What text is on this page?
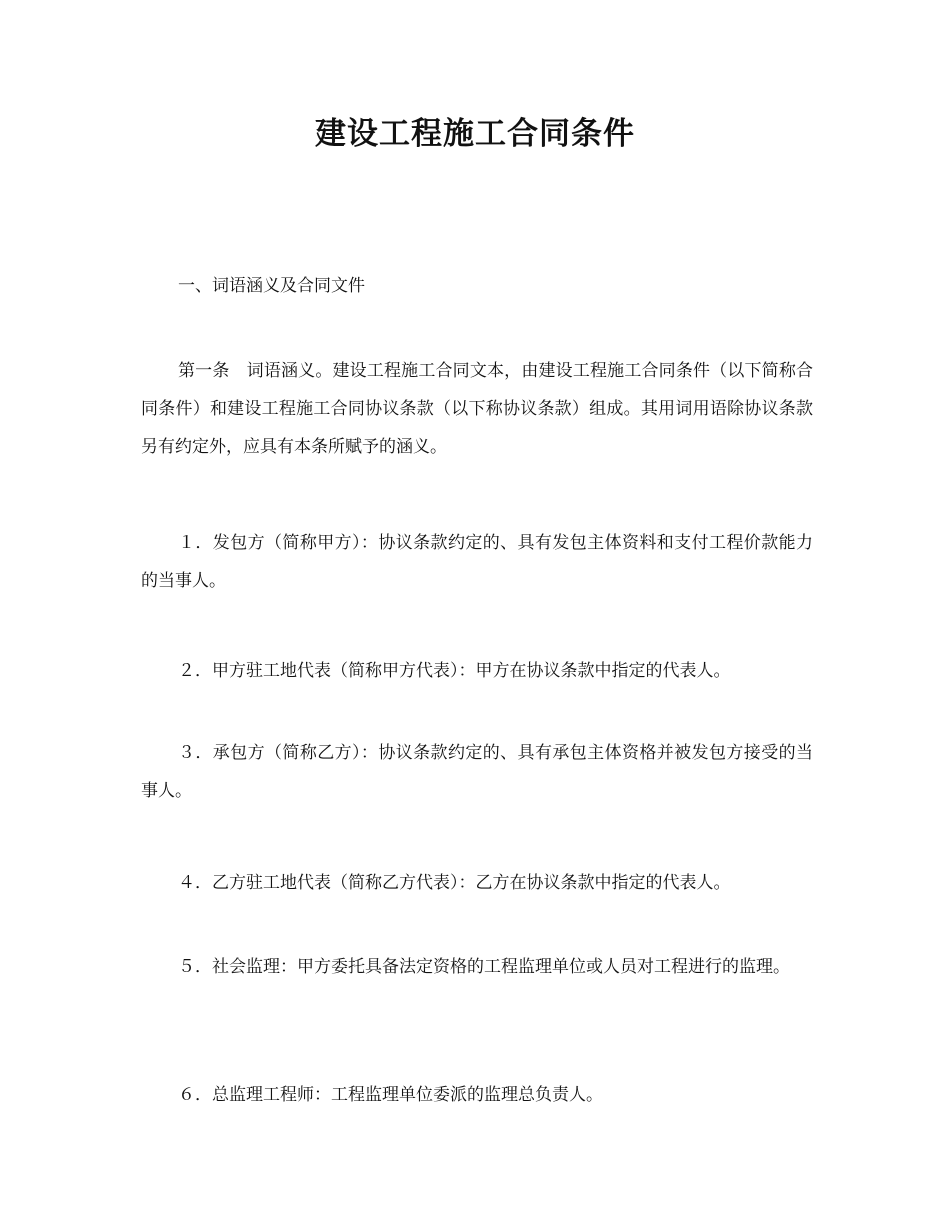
建设工程施工合同条件

一、词语涵义及合同文件

第一条　词语涵义。建设工程施工合同文本，由建设工程施工合同条件（以下简称合同条件）和建设工程施工合同协议条款（以下称协议条款）组成。其用词用语除协议条款另有约定外，应具有本条所赋予的涵义。

１．发包方（简称甲方）：协议条款约定的、具有发包主体资料和支付工程价款能力的当事人。

２．甲方驻工地代表（简称甲方代表）：甲方在协议条款中指定的代表人。

３．承包方（简称乙方）：协议条款约定的、具有承包主体资格并被发包方接受的当事人。

４．乙方驻工地代表（简称乙方代表）：乙方在协议条款中指定的代表人。

５．社会监理：甲方委托具备法定资格的工程监理单位或人员对工程进行的监理。

６．总监理工程师：工程监理单位委派的监理总负责人。
